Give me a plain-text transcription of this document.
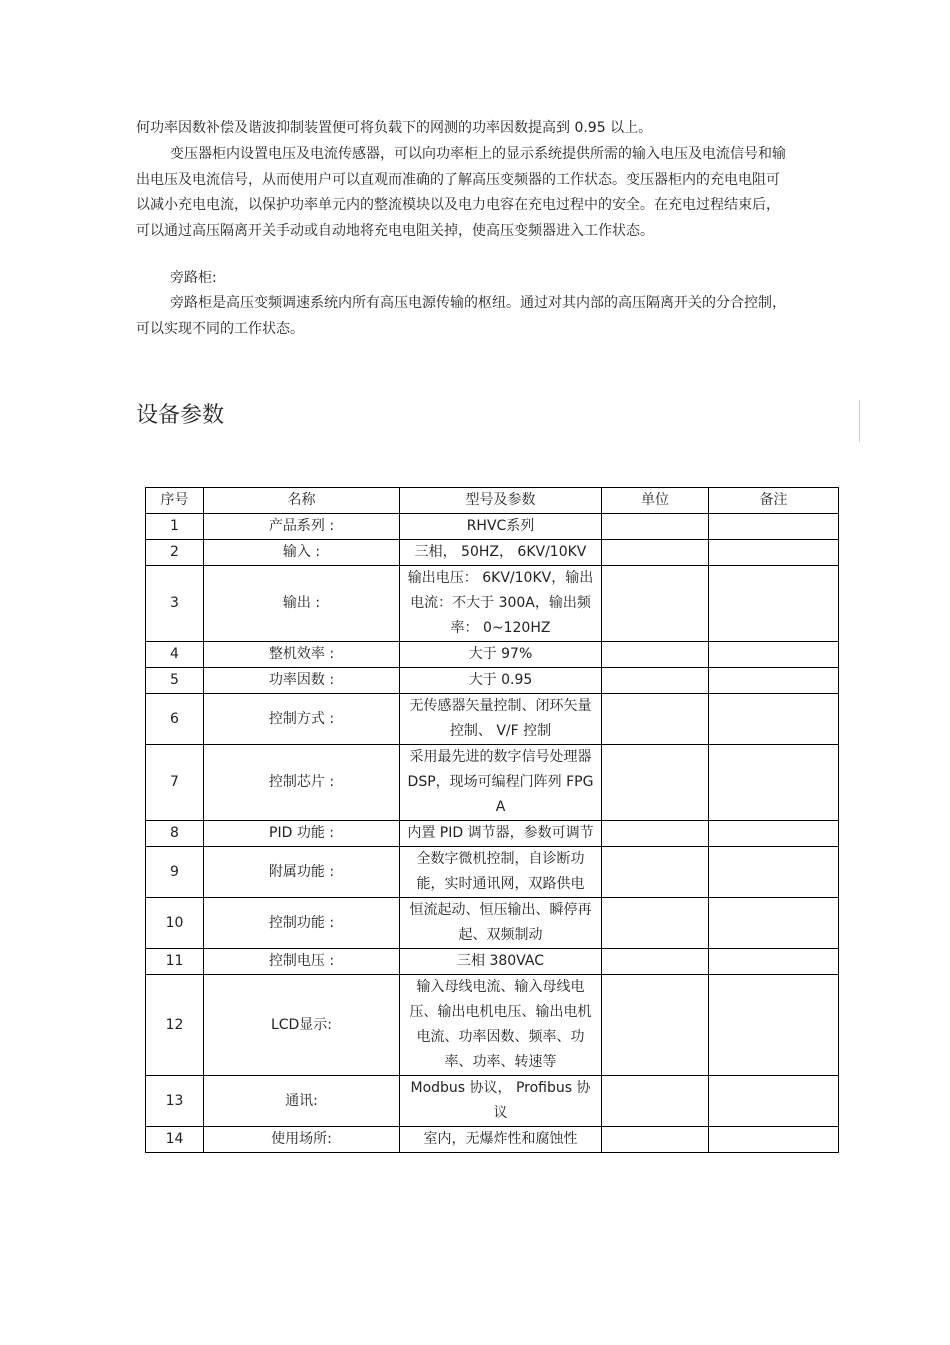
何功率因数补偿及谐波抑制装置便可将负载下的网测的功率因数提高到 0.95 以上。

变压器柜内设置电压及电流传感器，可以向功率柜上的显示系统提供所需的输入电压及电流信号和输出电压及电流信号，从而使用户可以直观而准确的了解高压变频器的工作状态。变压器柜内的充电电阻可以减小充电电流，以保护功率单元内的整流模块以及电力电容在充电过程中的安全。在充电过程结束后，可以通过高压隔离开关手动或自动地将充电电阻关掉，使高压变频器进入工作状态。

旁路柜:

旁路柜是高压变频调速系统内所有高压电源传输的枢纽。通过对其内部的高压隔离开关的分合控制，可以实现不同的工作状态。

设备参数
序号	名称	型号及参数	单位	备注
1	产品系列 :	RHVC系列		
2	输入 :	三相， 50HZ， 6KV/10KV		
3	输出 :	输出电压： 6KV/10KV，输出电流：不大于 300A，输出频率： 0~120HZ		
4	整机效率 :	大于 97%		
5	功率因数 :	大于 0.95		
6	控制方式 :	无传感器矢量控制、闭环矢量控制、 V/F 控制		
7	控制芯片 :	采用最先进的数字信号处理器 DSP，现场可编程门阵列 FPGA		
8	PID 功能 :	内置 PID 调节器，参数可调节		
9	附属功能 :	全数字微机控制，自诊断功能，实时通讯网，双路供电		
10	控制功能 :	恒流起动、恒压输出、瞬停再起、双频制动		
11	控制电压 :	三相 380VAC		
12	LCD显示:	输入母线电流、输入母线电压、输出电机电压、输出电机电流、功率因数、频率、功率、功率、转速等		
13	通讯:	Modbus 协议， Profibus 协议		
14	使用场所:	室内，无爆炸性和腐蚀性		
